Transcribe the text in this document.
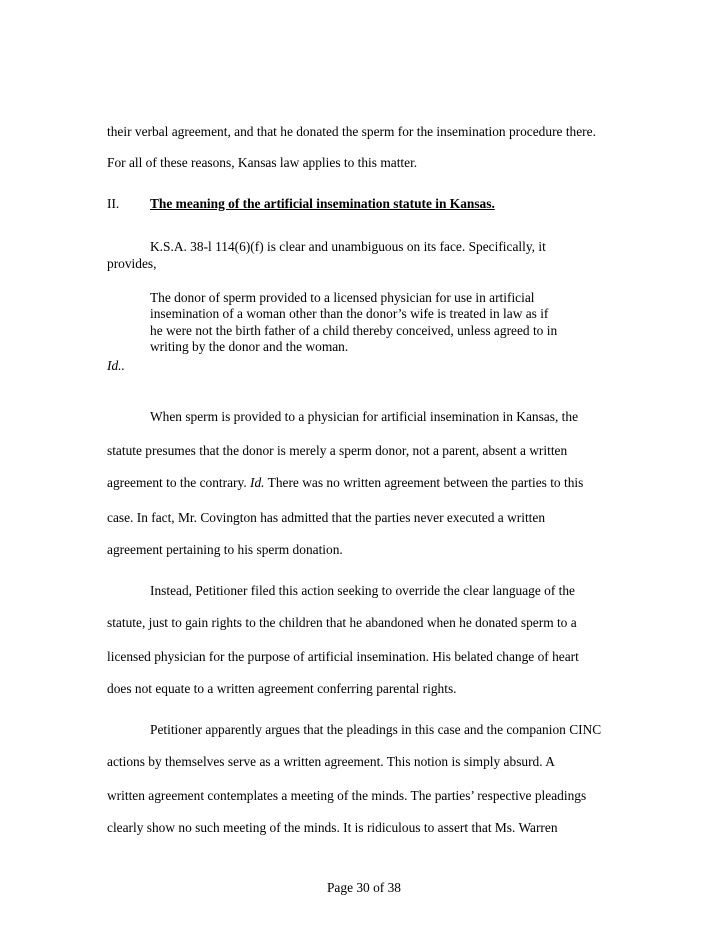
their verbal agreement, and that he donated the sperm for the insemination procedure there.
For all of these reasons, Kansas law applies to this matter.
II. The meaning of the artificial insemination statute in Kansas.
K.S.A. 38-l 114(6)(f) is clear and unambiguous on its face. Specifically, it
provides,
The donor of sperm provided to a licensed physician for use in artificial
insemination of a woman other than the donor’s wife is treated in law as if
he were not the birth father of a child thereby conceived, unless agreed to in
writing by the donor and the woman.
Id..
When sperm is provided to a physician for artificial insemination in Kansas, the
statute presumes that the donor is merely a sperm donor, not a parent, absent a written
agreement to the contrary. Id. There was no written agreement between the parties to this
case. In fact, Mr. Covington has admitted that the parties never executed a written
agreement pertaining to his sperm donation.
Instead, Petitioner filed this action seeking to override the clear language of the
statute, just to gain rights to the children that he abandoned when he donated sperm to a
licensed physician for the purpose of artificial insemination. His belated change of heart
does not equate to a written agreement conferring parental rights.
Petitioner apparently argues that the pleadings in this case and the companion CINC
actions by themselves serve as a written agreement. This notion is simply absurd. A
written agreement contemplates a meeting of the minds. The parties’ respective pleadings
clearly show no such meeting of the minds. It is ridiculous to assert that Ms. Warren
Page 30 of 38
